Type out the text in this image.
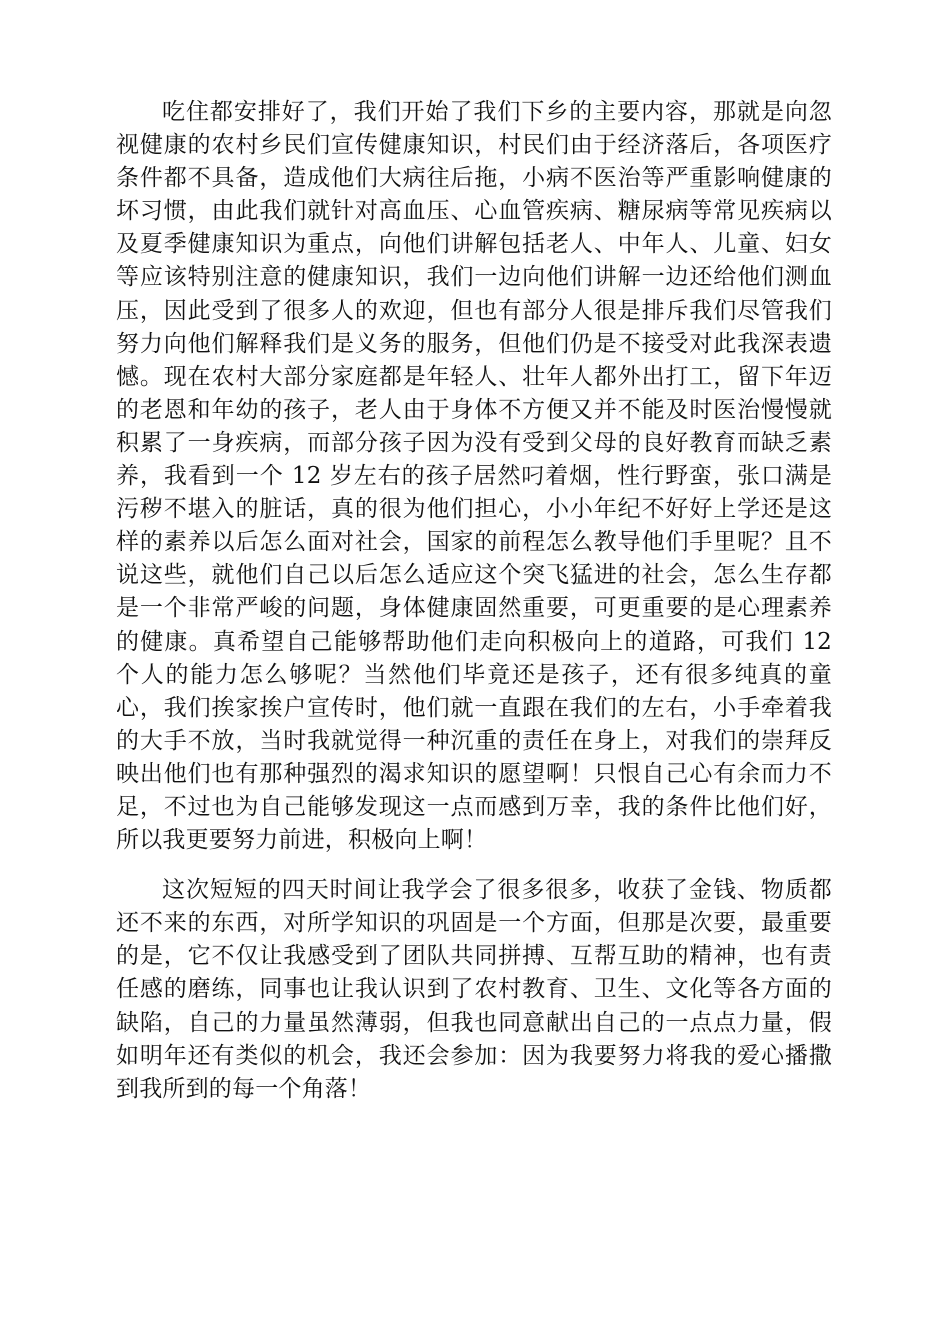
吃住都安排好了，我们开始了我们下乡的主要内容，那就是向忽视健康的农村乡民们宣传健康知识，村民们由于经济落后，各项医疗条件都不具备，造成他们大病往后拖，小病不医治等严重影响健康的坏习惯，由此我们就针对高血压、心血管疾病、糖尿病等常见疾病以及夏季健康知识为重点，向他们讲解包括老人、中年人、儿童、妇女等应该特别注意的健康知识，我们一边向他们讲解一边还给他们测血压，因此受到了很多人的欢迎，但也有部分人很是排斥我们尽管我们努力向他们解释我们是义务的服务，但他们仍是不接受对此我深表遗憾。现在农村大部分家庭都是年轻人、壮年人都外出打工，留下年迈的老恩和年幼的孩子，老人由于身体不方便又并不能及时医治慢慢就积累了一身疾病，而部分孩子因为没有受到父母的良好教育而缺乏素养，我看到一个 12 岁左右的孩子居然叼着烟，性行野蛮，张口满是污秽不堪入的脏话，真的很为他们担心，小小年纪不好好上学还是这样的素养以后怎么面对社会，国家的前程怎么教导他们手里呢？且不说这些，就他们自己以后怎么适应这个突飞猛进的社会，怎么生存都是一个非常严峻的问题，身体健康固然重要，可更重要的是心理素养的健康。真希望自己能够帮助他们走向积极向上的道路，可我们 12 个人的能力怎么够呢？当然他们毕竟还是孩子，还有很多纯真的童心，我们挨家挨户宣传时，他们就一直跟在我们的左右，小手牵着我的大手不放，当时我就觉得一种沉重的责任在身上，对我们的崇拜反映出他们也有那种强烈的渴求知识的愿望啊！只恨自己心有余而力不足，不过也为自己能够发现这一点而感到万幸，我的条件比他们好，所以我更要努力前进，积极向上啊！

这次短短的四天时间让我学会了很多很多，收获了金钱、物质都还不来的东西，对所学知识的巩固是一个方面，但那是次要，最重要的是，它不仅让我感受到了团队共同拼搏、互帮互助的精神，也有责任感的磨练，同事也让我认识到了农村教育、卫生、文化等各方面的缺陷，自己的力量虽然薄弱，但我也同意献出自己的一点点力量，假如明年还有类似的机会，我还会参加：因为我要努力将我的爱心播撒到我所到的每一个角落！
